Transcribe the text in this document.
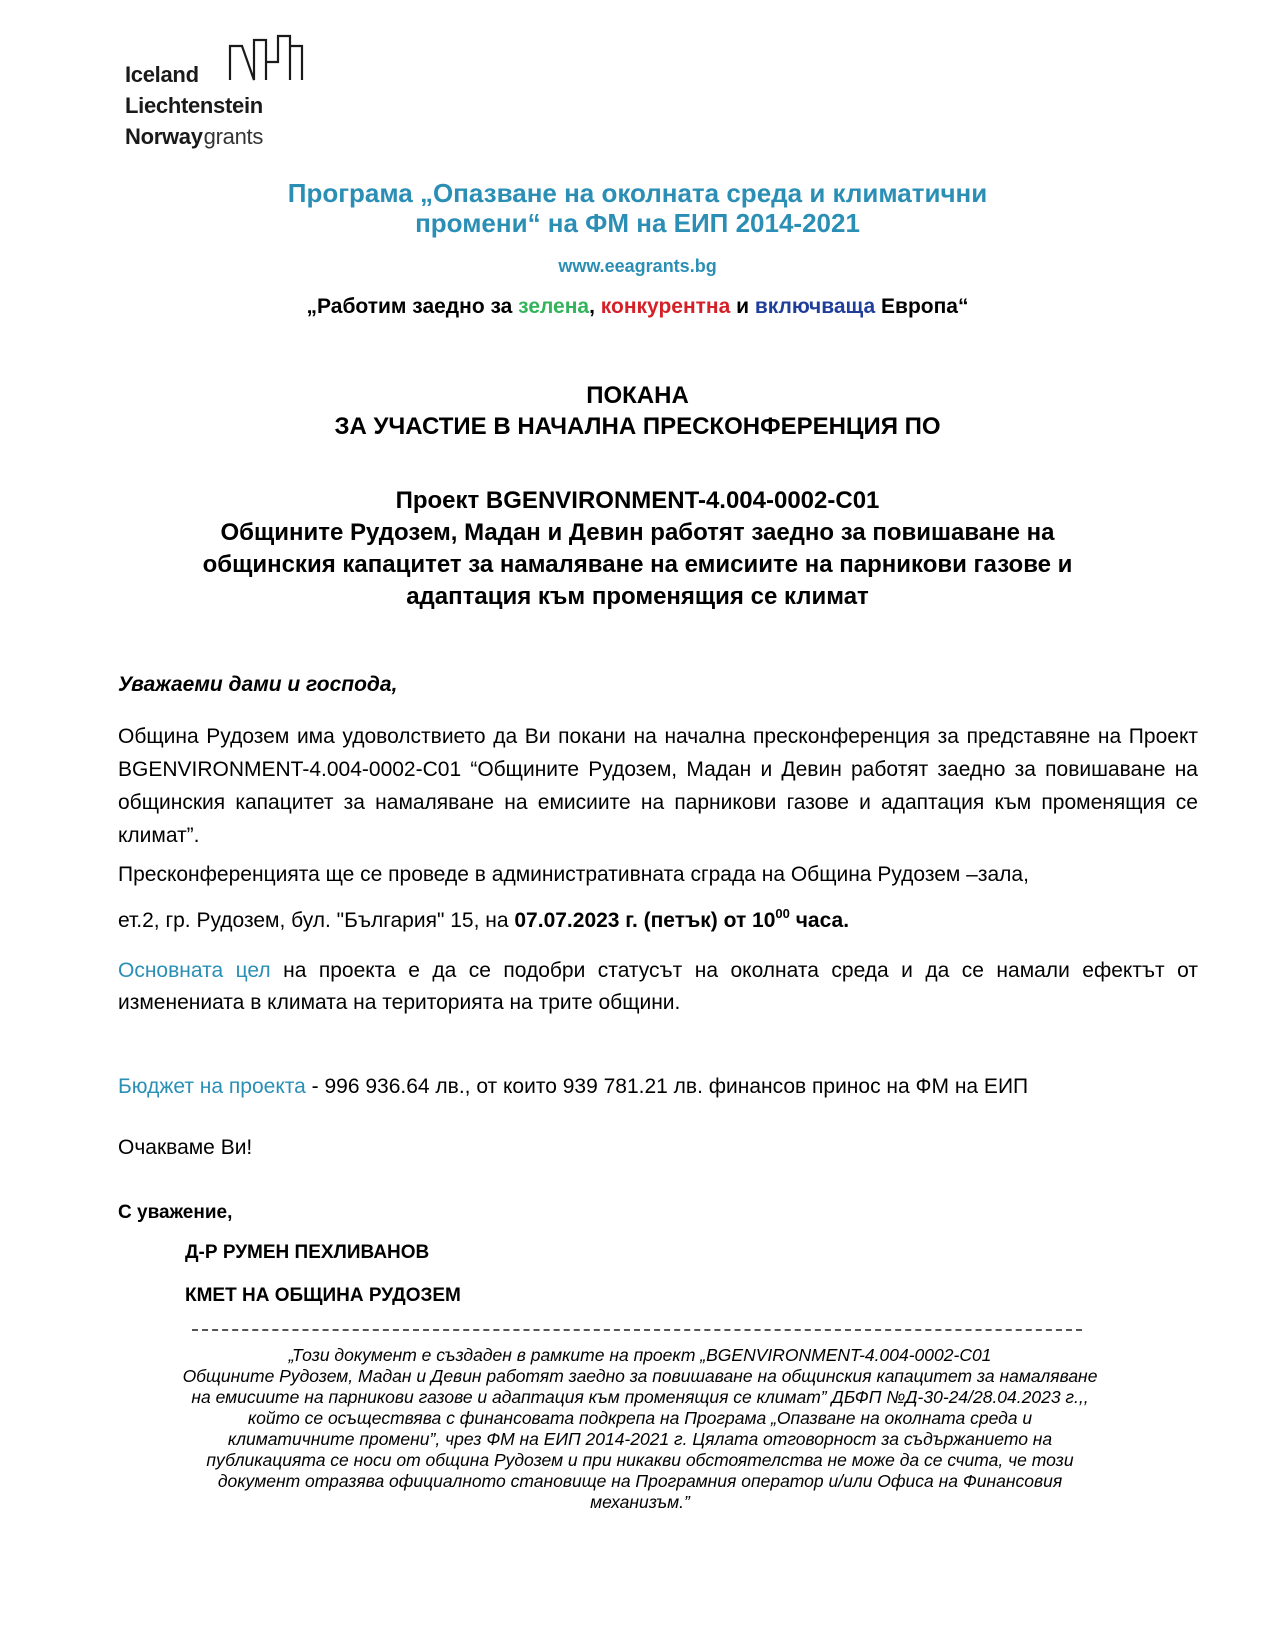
Iceland
Liechtenstein
Norwaygrants
Програма „Опазване на околната среда и климатични
промени“ на ФМ на ЕИП 2014-2021
www.eeagrants.bg
„Работим заедно за зелена, конкурентна и включваща Европа“
ПОКАНА
ЗА УЧАСТИЕ В НАЧАЛНА ПРЕСКОНФЕРЕНЦИЯ ПО
Проект BGENVIRONMENT-4.004-0002-C01
Общините Рудозем, Мадан и Девин работят заедно за повишаване на
общинския капацитет за намаляване на емисиите на парникови газове и
адаптация към променящия се климат
Уважаеми дами и господа,
Община Рудозем има удоволствието да Ви покани на начална пресконференция за представяне на Проект BGENVIRONMENT-4.004-0002-C01 “Общините Рудозем, Мадан и Девин работят заедно за повишаване на общинския капацитет за намаляване на емисиите на парникови газове и адаптация към променящия се климат”.
Пресконференцията ще се проведе в административната сграда на Община Рудозем –зала,
ет.2, гр. Рудозем, бул. "България" 15, на 07.07.2023 г. (петък) от $10^{00}$ часа.
Основната цел на проекта е да се подобри статусът на околната среда и да се намали ефектът от изменениата в климата на територията на трите общини.
Бюджет на проекта - 996 936.64 лв., от които 939 781.21 лв. финансов принос на ФМ на ЕИП
Очакваме Ви!
С уважение,
Д-Р РУМЕН ПЕХЛИВАНОВ
КМЕТ НА ОБЩИНА РУДОЗЕМ
„Този документ е създаден в рамките на проект „BGENVIRONMENT-4.004-0002-C01
Общините Рудозем, Мадан и Девин работят заедно за повишаване на общинския капацитет за намаляване
на емисиите на парникови газове и адаптация към променящия се климат” ДБФП №Д-30-24/28.04.2023 г.,,
който се осъществява с финансовата подкрепа на Програма „Опазване на околната среда и
климатичните промени”, чрез ФМ на ЕИП 2014-2021 г. Цялата отговорност за съдържанието на
публикацията се носи от община Рудозем и при никакви обстоятелства не може да се счита, че този
документ отразява официалното становище на Програмния оператор и/или Офиса на Финансовия
механизъм.”
